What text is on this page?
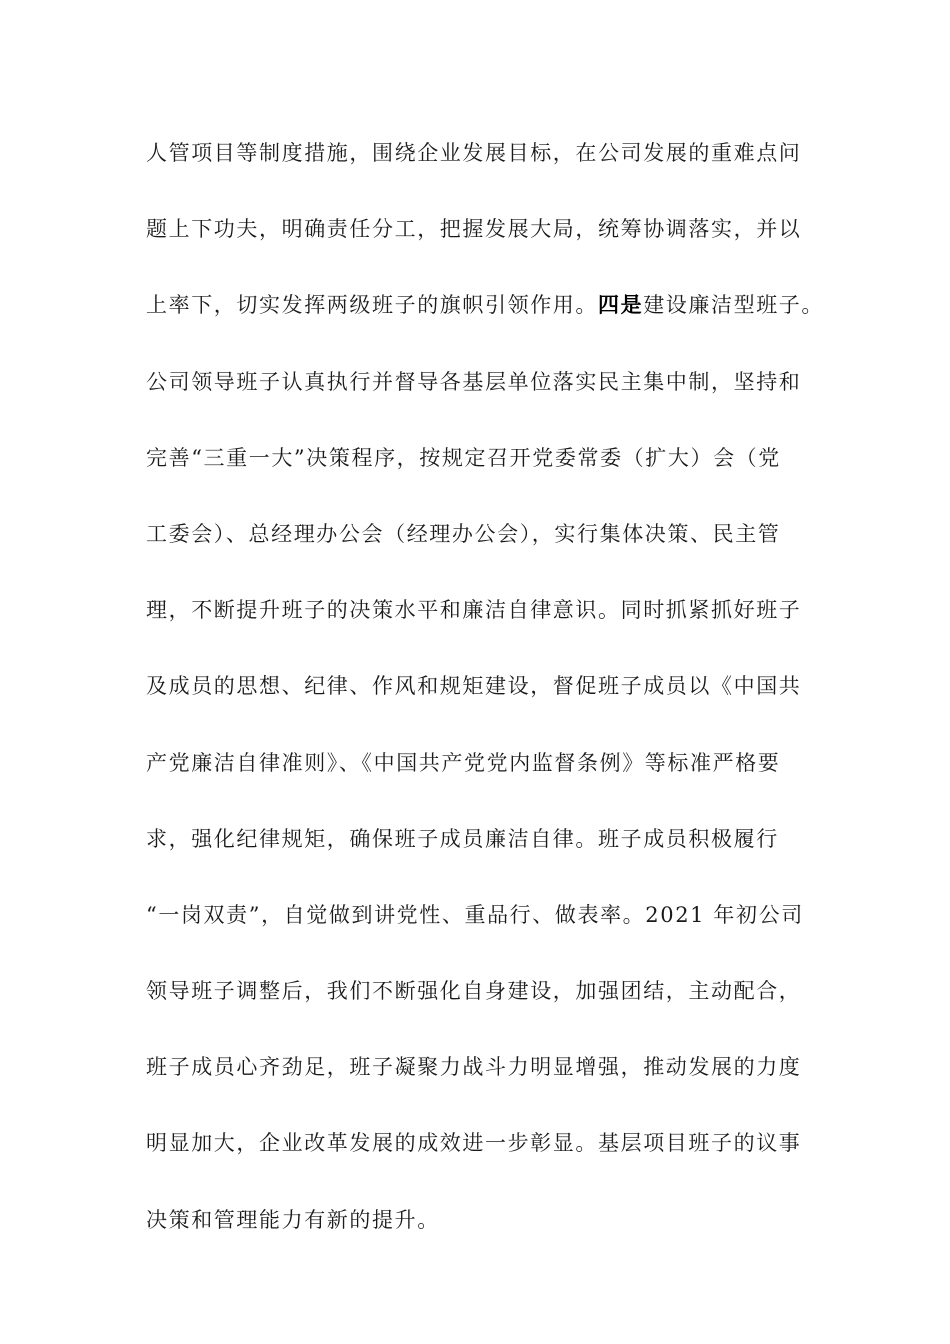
人管项目等制度措施，围绕企业发展目标，在公司发展的重难点问
题上下功夫，明确责任分工，把握发展大局，统筹协调落实，并以
上率下，切实发挥两级班子的旗帜引领作用。四是建设廉洁型班子。
公司领导班子认真执行并督导各基层单位落实民主集中制，坚持和
完善“三重一大”决策程序，按规定召开党委常委（扩大）会（党
工委会）、总经理办公会（经理办公会），实行集体决策、民主管
理，不断提升班子的决策水平和廉洁自律意识。同时抓紧抓好班子
及成员的思想、纪律、作风和规矩建设，督促班子成员以《中国共
产党廉洁自律准则》、《中国共产党党内监督条例》等标准严格要
求，强化纪律规矩，确保班子成员廉洁自律。班子成员积极履行
“一岗双责”，自觉做到讲党性、重品行、做表率。2021 年初公司
领导班子调整后，我们不断强化自身建设，加强团结，主动配合，
班子成员心齐劲足，班子凝聚力战斗力明显增强，推动发展的力度
明显加大，企业改革发展的成效进一步彰显。基层项目班子的议事
决策和管理能力有新的提升。
